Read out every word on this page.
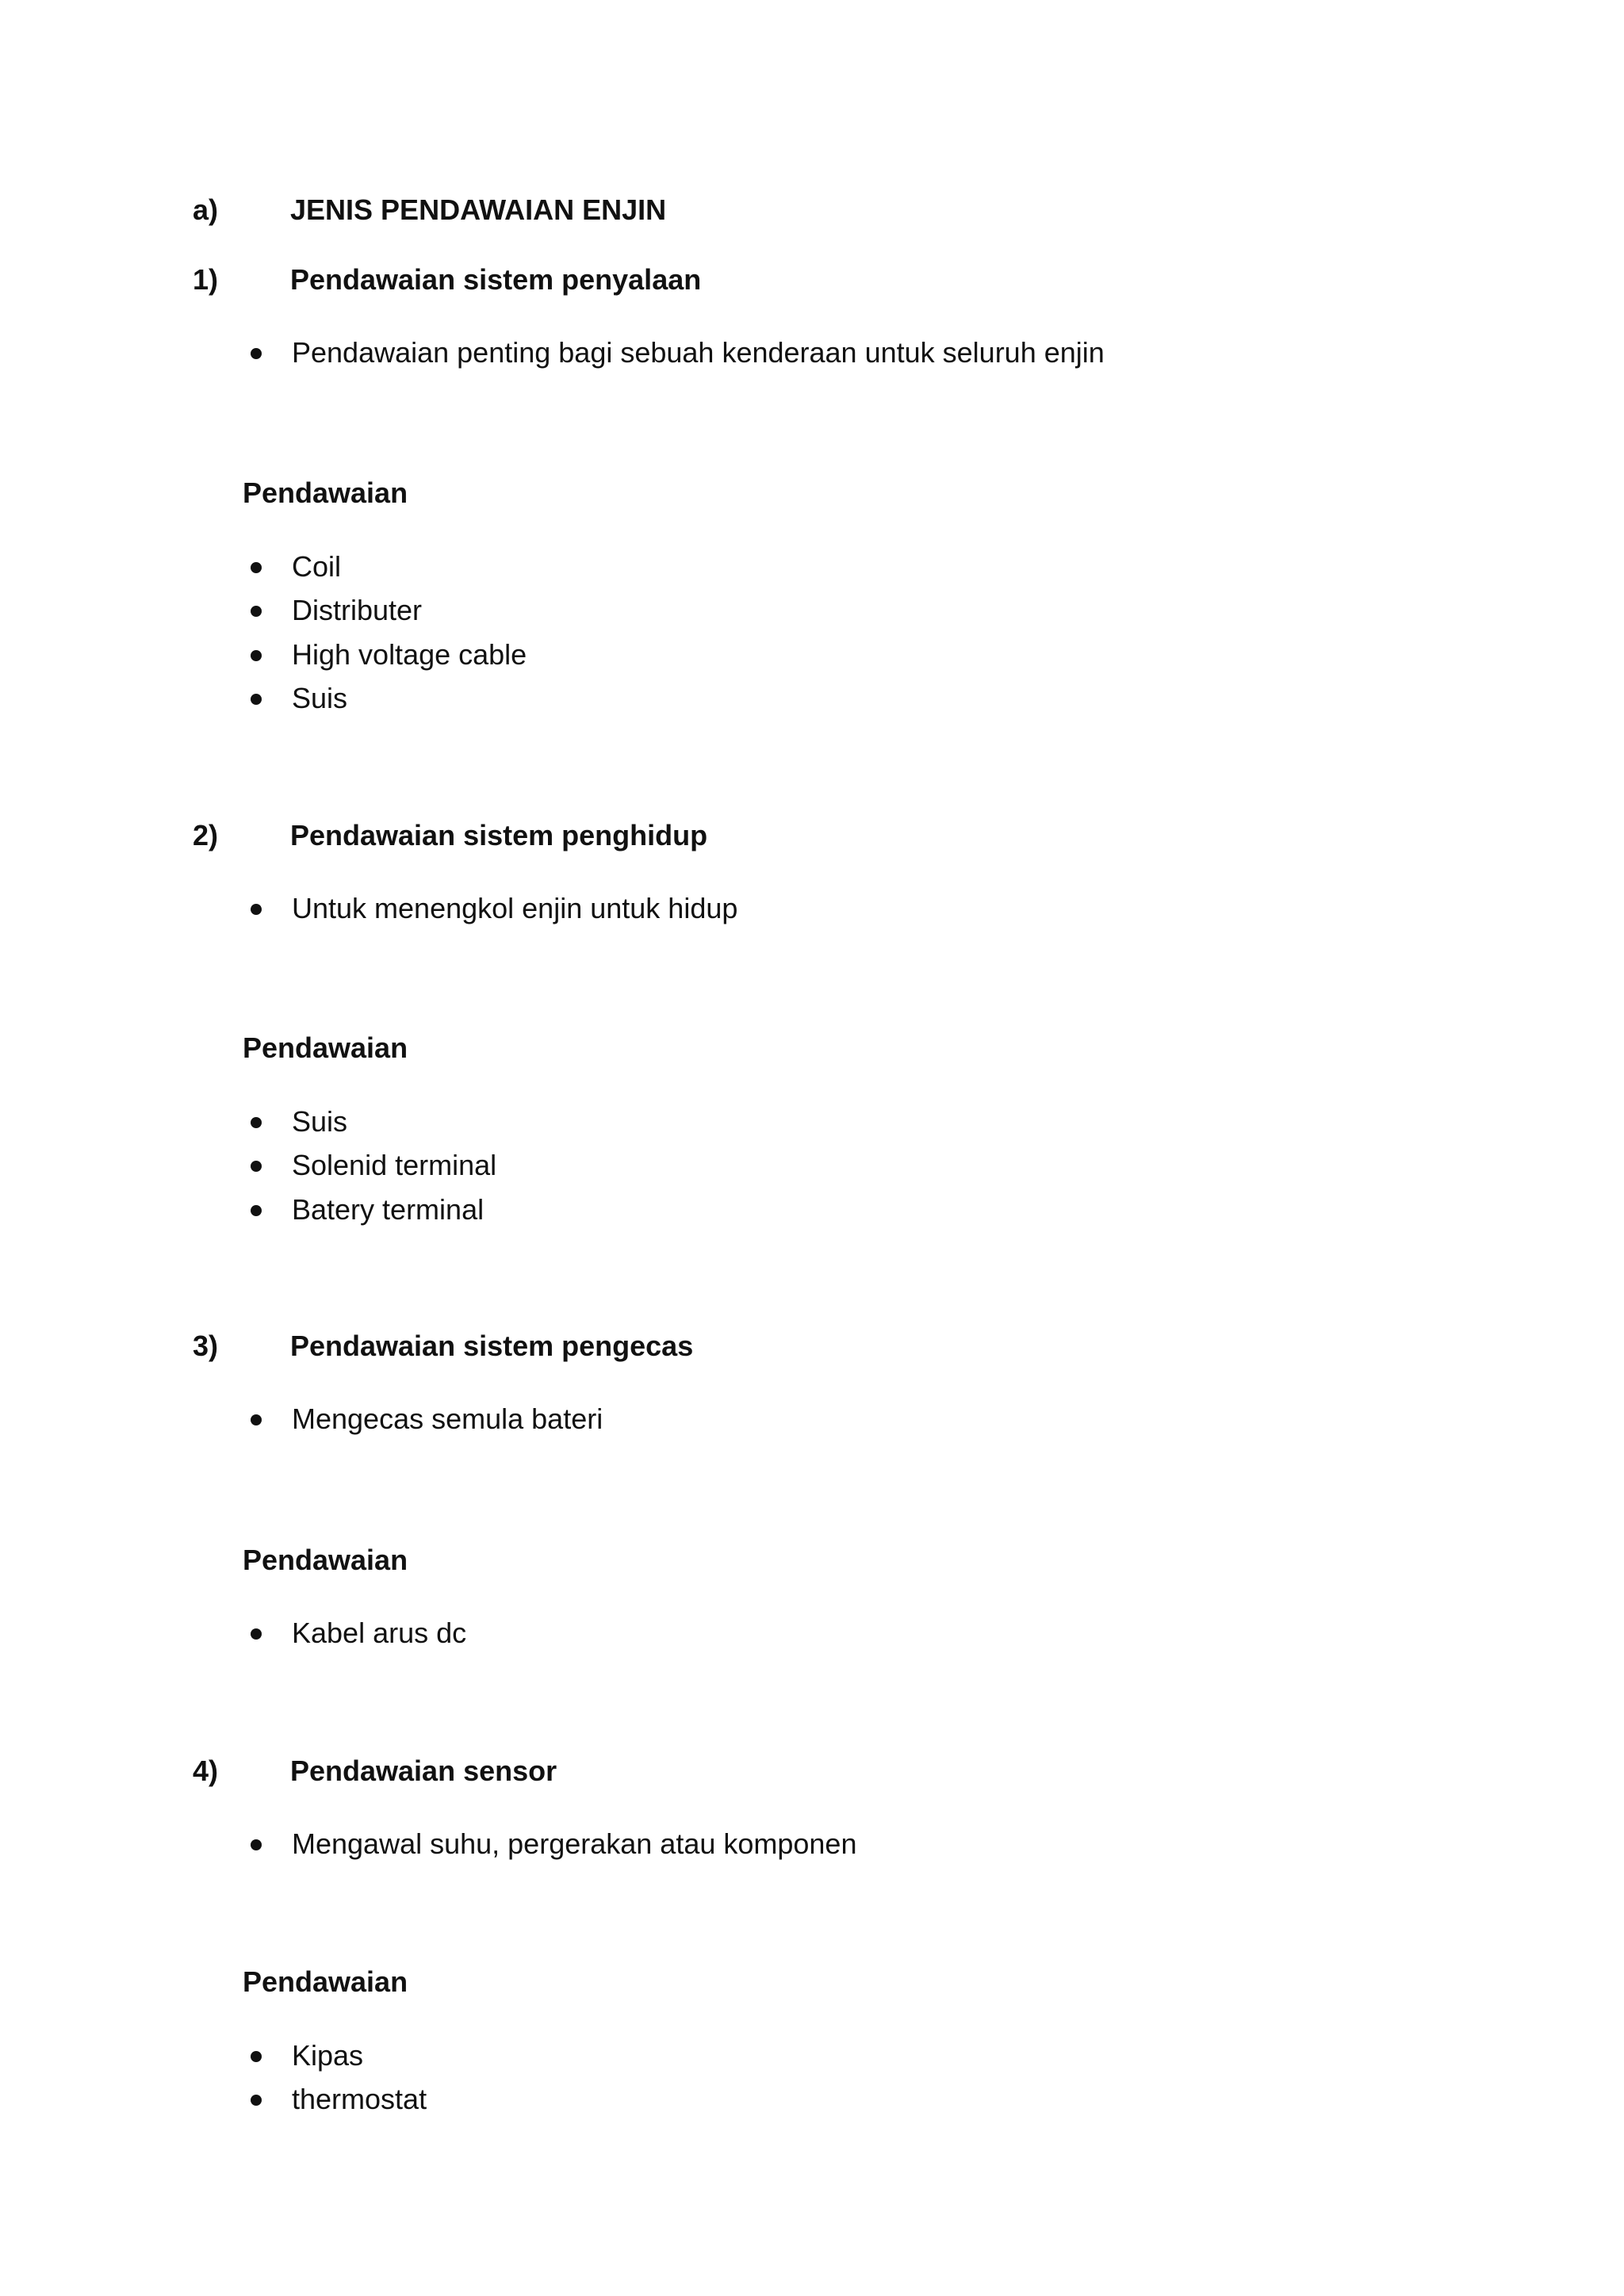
a)	JENIS PENDAWAIAN ENJIN
1)	Pendawaian sistem penyalaan
Pendawaian penting bagi sebuah kenderaan untuk seluruh enjin
Pendawaian
Coil
Distributer
High voltage cable
Suis
2)	Pendawaian sistem penghidup
Untuk menengkol enjin untuk hidup
Pendawaian
Suis
Solenid terminal
Batery terminal
3)	Pendawaian sistem pengecas
Mengecas semula bateri
Pendawaian
Kabel arus dc
4)	Pendawaian sensor
Mengawal suhu, pergerakan atau komponen
Pendawaian
Kipas
thermostat
